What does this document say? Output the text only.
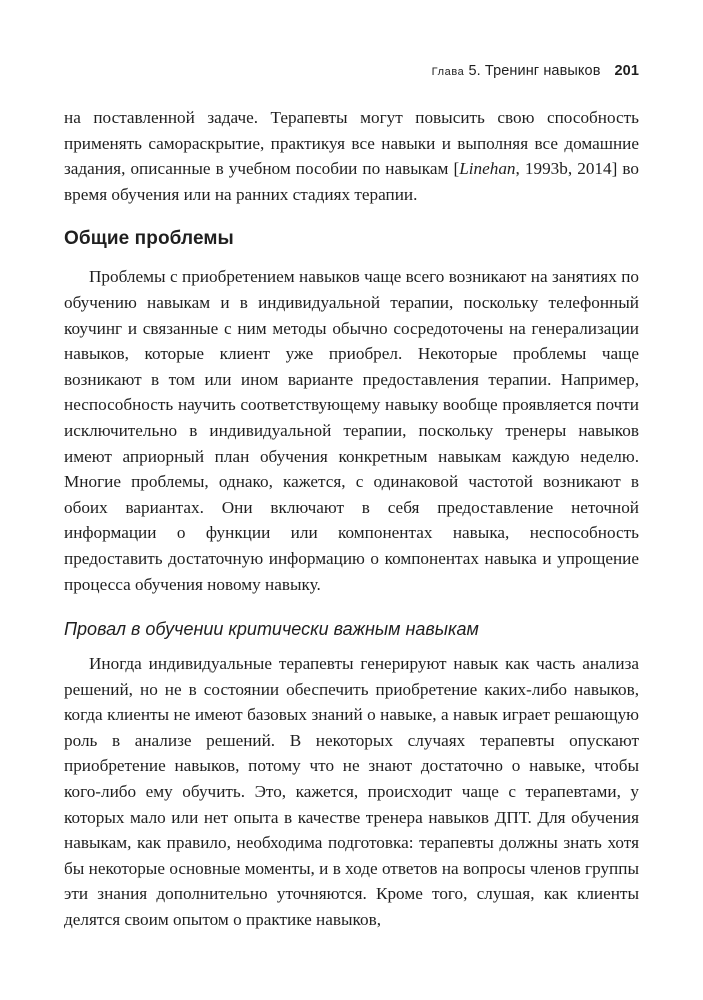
Глава 5. Тренинг навыков 201

на поставленной задаче. Терапевты могут повысить свою способность применять самораскрытие, практикуя все навыки и выполняя все домашние задания, описанные в учебном пособии по навыкам [Linehan, 1993b, 2014] во время обучения или на ранних стадиях терапии.

Общие проблемы

Проблемы с приобретением навыков чаще всего возникают на занятиях по обучению навыкам и в индивидуальной терапии, поскольку телефонный коучинг и связанные с ним методы обычно сосредоточены на генерализации навыков, которые клиент уже приобрел. Некоторые проблемы чаще возникают в том или ином варианте предоставления терапии. Например, неспособность научить соответствующему навыку вообще проявляется почти исключительно в индивидуальной терапии, поскольку тренеры навыков имеют априорный план обучения конкретным навыкам каждую неделю. Многие проблемы, однако, кажется, с одинаковой частотой возникают в обоих вариантах. Они включают в себя предоставление неточной информации о функции или компонентах навыка, неспособность предоставить достаточную информацию о компонентах навыка и упрощение процесса обучения новому навыку.

Провал в обучении критически важным навыкам

Иногда индивидуальные терапевты генерируют навык как часть анализа решений, но не в состоянии обеспечить приобретение каких-либо навыков, когда клиенты не имеют базовых знаний о навыке, а навык играет решающую роль в анализе решений. В некоторых случаях терапевты опускают приобретение навыков, потому что не знают достаточно о навыке, чтобы кого-либо ему обучить. Это, кажется, происходит чаще с терапевтами, у которых мало или нет опыта в качестве тренера навыков ДПТ. Для обучения навыкам, как правило, необходима подготовка: терапевты должны знать хотя бы некоторые основные моменты, и в ходе ответов на вопросы членов группы эти знания дополнительно уточняются. Кроме того, слушая, как клиенты делятся своим опытом о практике навыков,
